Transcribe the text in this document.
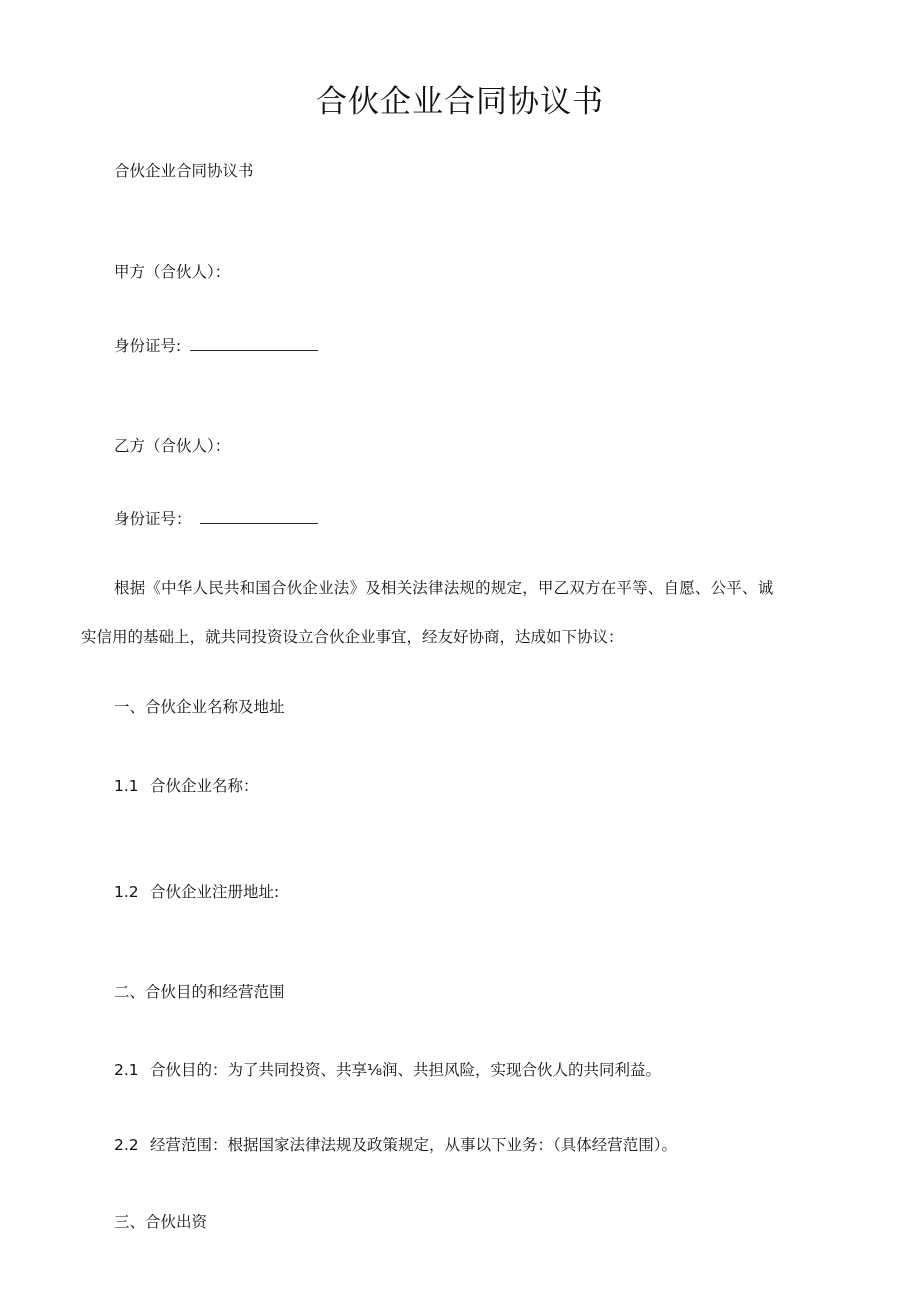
合伙企业合同协议书

合伙企业合同协议书

甲方（合伙人）：

身份证号:

乙方（合伙人）：

身份证号：

根据《中华人民共和国合伙企业法》及相关法律法规的规定，甲乙双方在平等、自愿、公平、诚

实信用的基础上，就共同投资设立合伙企业事宜，经友好协商，达成如下协议：

一、合伙企业名称及地址

1.1 合伙企业名称：

1.2 合伙企业注册地址:

二、合伙目的和经营范围

2.1 合伙目的：为了共同投资、共享⅛润、共担风险，实现合伙人的共同利益。

2.2 经营范围：根据国家法律法规及政策规定，从事以下业务：（具体经营范围）。

三、合伙出资
